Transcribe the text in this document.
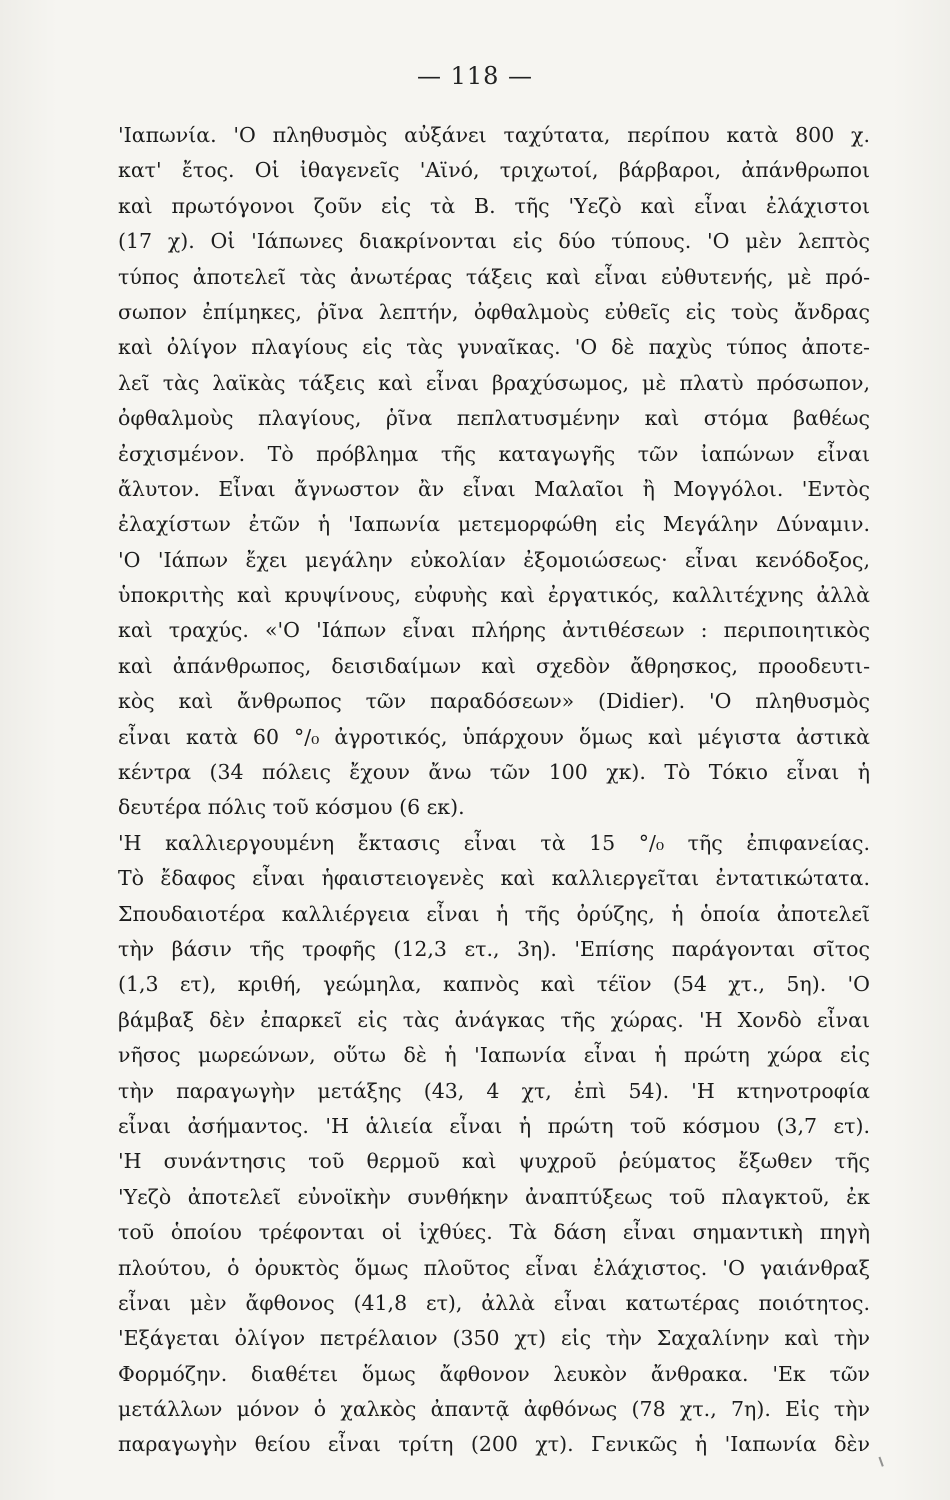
— 118 —
'Ιαπωνία. 'Ο πληθυσμὸς αὐξάνει ταχύτατα, περίπου κατὰ 800 χ.
κατ' ἔτος. Οἱ ἰθαγενεῖς 'Αϊνό, τριχωτοί, βάρβαροι, ἀπάνθρωποι
καὶ πρωτόγονοι ζοῦν εἰς τὰ Β. τῆς 'Υεζὸ καὶ εἶναι ἐλάχιστοι
(17 χ). Οἱ 'Ιάπωνες διακρίνονται εἰς δύο τύπους. 'Ο μὲν λεπτὸς
τύπος ἀποτελεῖ τὰς ἀνωτέρας τάξεις καὶ εἶναι εὐθυτενής, μὲ πρό-
σωπον ἐπίμηκες, ῥῖνα λεπτήν, ὀφθαλμοὺς εὐθεῖς εἰς τοὺς ἄνδρας
καὶ ὀλίγον πλαγίους εἰς τὰς γυναῖκας. 'Ο δὲ παχὺς τύπος ἀποτε-
λεῖ τὰς λαϊκὰς τάξεις καὶ εἶναι βραχύσωμος, μὲ πλατὺ πρόσωπον,
ὀφθαλμοὺς πλαγίους, ῥῖνα πεπλατυσμένην καὶ στόμα βαθέως
ἐσχισμένον. Τὸ πρόβλημα τῆς καταγωγῆς τῶν ἰαπώνων εἶναι
ἄλυτον. Εἶναι ἄγνωστον ἂν εἶναι Μαλαῖοι ἢ Μογγόλοι. 'Εντὸς
ἐλαχίστων ἐτῶν ἡ 'Ιαπωνία μετεμορφώθη εἰς Μεγάλην Δύναμιν.
'Ο 'Ιάπων ἔχει μεγάλην εὐκολίαν ἐξομοιώσεως· εἶναι κενόδοξος,
ὑποκριτὴς καὶ κρυψίνους, εὐφυὴς καὶ ἐργατικός, καλλιτέχνης ἀλλὰ
καὶ τραχύς. «'Ο 'Ιάπων εἶναι πλήρης ἀντιθέσεων : περιποιητικὸς
καὶ ἀπάνθρωπος, δεισιδαίμων καὶ σχεδὸν ἄθρησκος, προοδευτι-
κὸς καὶ ἄνθρωπος τῶν παραδόσεων» (Didier). 'Ο πληθυσμὸς
εἶναι κατὰ 60 °/₀ ἀγροτικός, ὑπάρχουν ὅμως καὶ μέγιστα ἀστικὰ
κέντρα (34 πόλεις ἔχουν ἄνω τῶν 100 χκ). Τὸ Τόκιο εἶναι ἡ
δευτέρα πόλις τοῦ κόσμου (6 εκ).
'Η καλλιεργουμένη ἔκτασις εἶναι τὰ 15 °/₀ τῆς ἐπιφανείας.
Τὸ ἔδαφος εἶναι ἡφαιστειογενὲς καὶ καλλιεργεῖται ἐντατικώτατα.
Σπουδαιοτέρα καλλιέργεια εἶναι ἡ τῆς ὀρύζης, ἡ ὁποία ἀποτελεῖ
τὴν βάσιν τῆς τροφῆς (12,3 ετ., 3η). 'Επίσης παράγονται σῖτος
(1,3 ετ), κριθή, γεώμηλα, καπνὸς καὶ τέϊον (54 χτ., 5η). 'Ο
βάμβαξ δὲν ἐπαρκεῖ εἰς τὰς ἀνάγκας τῆς χώρας. 'Η Χονδὸ εἶναι
νῆσος μωρεώνων, οὕτω δὲ ἡ 'Ιαπωνία εἶναι ἡ πρώτη χώρα εἰς
τὴν παραγωγὴν μετάξης (43, 4 χτ, ἐπὶ 54). 'Η κτηνοτροφία
εἶναι ἀσήμαντος. 'Η ἁλιεία εἶναι ἡ πρώτη τοῦ κόσμου (3,7 ετ).
'Η συνάντησις τοῦ θερμοῦ καὶ ψυχροῦ ῥεύματος ἔξωθεν τῆς
'Υεζὸ ἀποτελεῖ εὐνοϊκὴν συνθήκην ἀναπτύξεως τοῦ πλαγκτοῦ, ἐκ
τοῦ ὁποίου τρέφονται οἱ ἰχθύες. Τὰ δάση εἶναι σημαντικὴ πηγὴ
πλούτου, ὁ ὀρυκτὸς ὅμως πλοῦτος εἶναι ἐλάχιστος. 'Ο γαιάνθραξ
εἶναι μὲν ἄφθονος (41,8 ετ), ἀλλὰ εἶναι κατωτέρας ποιότητος.
'Εξάγεται ὀλίγον πετρέλαιον (350 χτ) εἰς τὴν Σαχαλίνην καὶ τὴν
Φορμόζην. διαθέτει ὅμως ἄφθονον λευκὸν ἄνθρακα. 'Εκ τῶν
μετάλλων μόνον ὁ χαλκὸς ἀπαντᾷ ἀφθόνως (78 χτ., 7η). Εἰς τὴν
παραγωγὴν θείου εἶναι τρίτη (200 χτ). Γενικῶς ἡ 'Ιαπωνία δὲν
